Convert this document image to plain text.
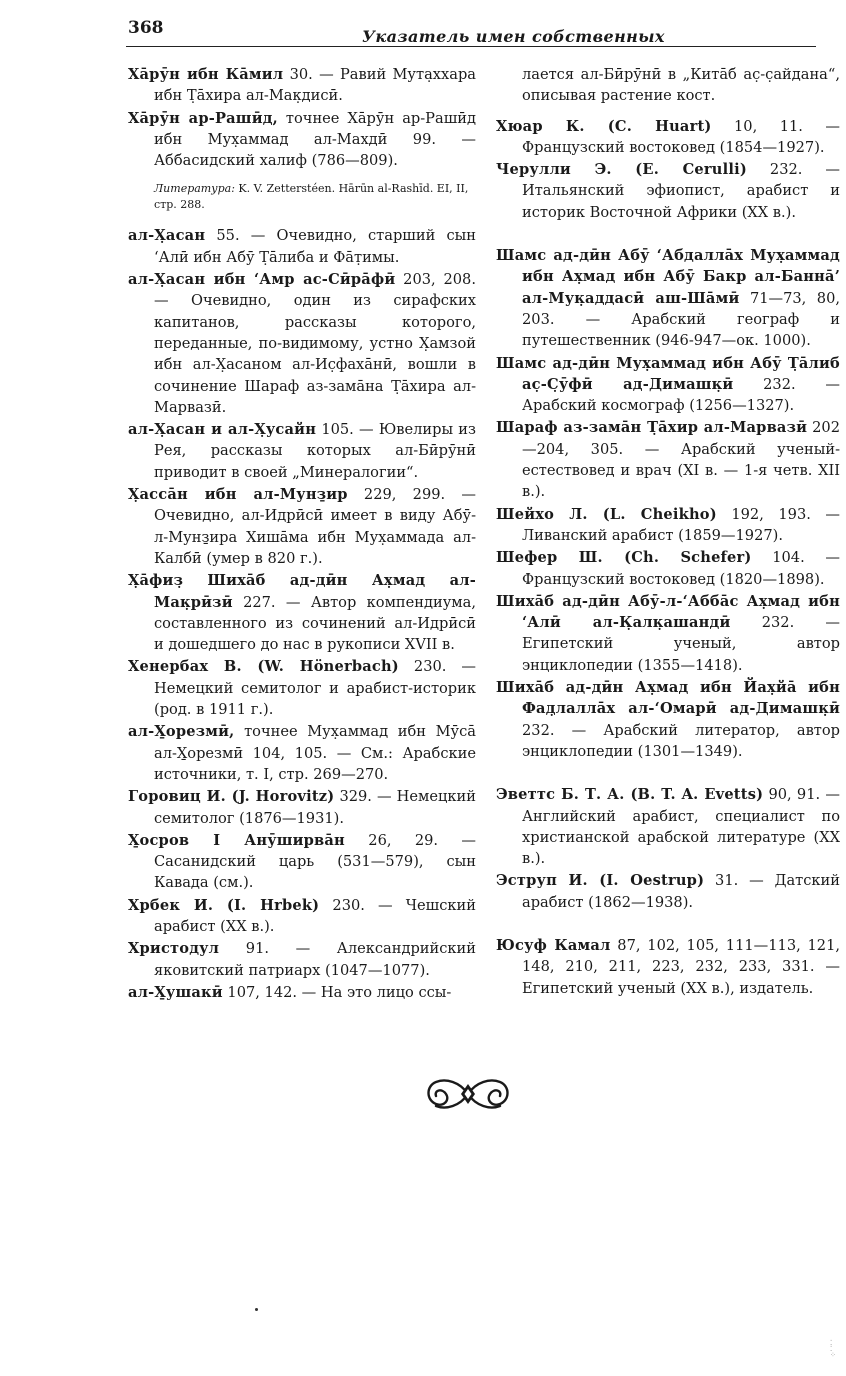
368	Указатель имен собственных

Ха̄рӯн ибн Ка̄мил 30. — Равий Мута̣ххара ибн Т̣а̄хира ал-Мак̣дисӣ.

Ха̄рӯн ар-Рашӣд, точнее Ха̄рӯн ар-Рашӣд ибн Мух̣аммад ал-Махдӣ 99. — Аббасидский халиф (786—809).

Литература: K. V. Zetterstéen. Hārūn al-Rashīd. EI, II, стр. 288.

ал-Х̣асан 55. — Очевидно, старший сын ‘Алӣ ибн Абӯ Т̣а̄либа и Фа̄т̣имы.

ал-Х̣асан ибн ‘Амр ас-Сӣра̄фӣ 203, 208. — Очевидно, один из сирафских капитанов, рассказы которого, переданные, по-видимому, устно Х̣амзой ибн ал-Х̣асаном ал-Ис̣фаха̄нӣ, вошли в сочинение Шараф аз-зама̄на Т̣а̄хира ал-Марвазӣ.

ал-Х̣асан и ал-Х̣усайн 105. — Ювелиры из Рея, рассказы которых ал-Бӣрӯнӣ приводит в своей „Минералогии“.

Х̣асса̄н ибн ал-Мунз̱ир 229, 299. — Очевидно, ал-Идрӣсӣ имеет в виду Абӯ-л-Мунз̱ира Хиша̄ма ибн Мух̣аммада ал-Калбӣ (умер в 820 г.).

Х̣а̄физ̣ Шиха̄б ад-дӣн Ах̣мад ал-Мак̣рӣзӣ 227. — Автор компендиума, составленного из сочинений ал-Идрӣсӣ и дошедшего до нас в рукописи XVII в.

Хенербах В. (W. Hönerbach) 230. — Немецкий семитолог и арабист-историк (род. в 1911 г.).

ал-Х̱орезмӣ, точнее Мух̣аммад ибн Мӯса̄ ал-Х̱орезмӣ 104, 105. — См.: Арабские источники, т. I, стр. 269—270.

Горовиц И. (J. Horovitz) 329. — Немецкий семитолог (1876—1931).

Х̱осров I Анӯширва̄н 26, 29. — Сасанидский царь (531—579), сын Кавада (см.).

Хрбек И. (I. Hrbek) 230. — Чешский арабист (XX в.).

Христодул 91. — Александрийский яковитский патриарх (1047—1077).

ал-Х̱ушакӣ 107, 142. — На это лицо ссы-

лается ал-Бӣрӯнӣ в „Кита̄б ас̣-с̣айдана“, описывая растение кост.

Хюар К. (С. Huart) 10, 11. — Французский востоковед (1854—1927).

Черулли Э. (E. Cerulli) 232. — Итальянский эфиопист, арабист и историк Восточной Африки (XX в.).

Шамс ад-дӣн Абӯ ‘Абдалла̄х Мух̣аммад ибн Ах̣мад ибн Абӯ Бакр ал-Банна̄’ ал-Мук̣аддасӣ аш-Ша̄мӣ 71—73, 80, 203. — Арабский географ и путешественник (946-947—ок. 1000).

Шамс ад-дӣн Мух̣аммад ибн Абӯ Т̣а̄либ ас̣-С̣ӯфӣ ад-Димашк̣ӣ 232. — Арабский космограф (1256—1327).

Шараф аз-зама̄н Т̣а̄хир ал-Марвазӣ 202—204, 305. — Арабский ученый-естествовед и врач (XI в. — 1-я четв. XII в.).

Шейхо Л. (L. Cheikho) 192, 193. — Ливанский арабист (1859—1927).

Шефер Ш. (Ch. Schefer) 104. — Французский востоковед (1820—1898).

Шиха̄б ад-дӣн Абӯ-л-‘Абба̄с Ах̣мад ибн ‘Алӣ ал-К̣алк̣ашандӣ 232. — Египетский ученый, автор энциклопедии (1355—1418).

Шиха̄б ад-дӣн Ах̣мад ибн Йах̣йа̄ ибн Фад̣лалла̄х ал-‘Омарӣ ад-Димашк̣ӣ 232. — Арабский литератор, автор энциклопедии (1301—1349).

Эветтс Б. Т. А. (B. T. A. Evetts) 90, 91. — Английский арабист, специалист по христианской арабской литературе (XX в.).

Эструп И. (I. Oestrup) 31. — Датский арабист (1862—1938).

Юсуф Камал 87, 102, 105, 111—113, 121, 148, 210, 211, 223, 232, 233, 331. — Египетский ученый (XX в.), издатель.

⁚
⁚
⁘
